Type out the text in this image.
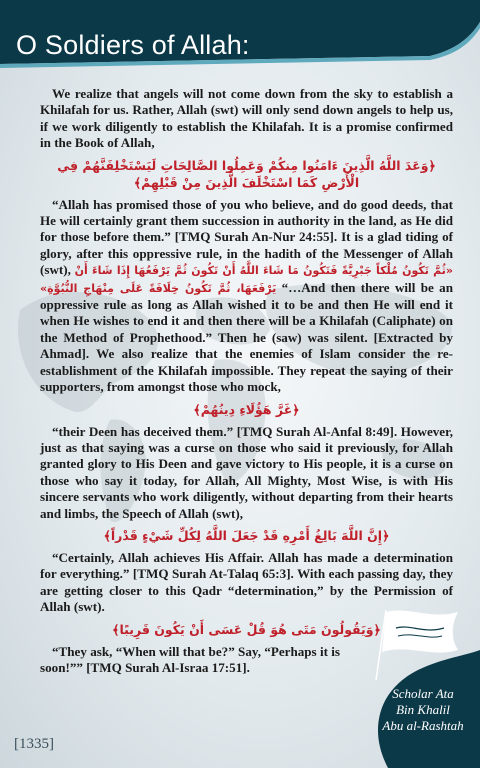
O Soldiers of Allah:

We realize that angels will not come down from the sky to establish a Khilafah for us. Rather, Allah (swt) will only send down angels to help us, if we work diligently to establish the Khilafah. It is a promise confirmed in the Book of Allah,

﴿وَعَدَ اللَّهُ الَّذِينَ ءَامَنُوا مِنكُمْ وَعَمِلُوا الصَّالِحَاتِ لَيَسْتَخْلِفَنَّهُمْ فِي الْأَرْضِ كَمَا اسْتَخْلَفَ الَّذِينَ مِنْ قَبْلِهِمْ﴾

“Allah has promised those of you who believe, and do good deeds, that He will certainly grant them succession in authority in the land, as He did for those before them.” [TMQ Surah An-Nur 24:55]. It is a glad tiding of glory, after this oppressive rule, in the hadith of the Messenger of Allah (swt), «ثُمَّ تَكُونُ مُلْكاً جَبْرِيَّةً فَتَكُونُ مَا شَاءَ اللَّهُ أَنْ تَكُونَ ثُمَّ يَرْفَعُهَا إِذَا شَاءَ أَنْ يَرْفَعَهَا، ثُمَّ تَكُونُ خِلَافَةً عَلَى مِنْهَاجِ النُّبُوَّةِ» “…And then there will be an oppressive rule as long as Allah wished it to be and then He will end it when He wishes to end it and then there will be a Khilafah (Caliphate) on the Method of Prophethood.” Then he (saw) was silent. [Extracted by Ahmad]. We also realize that the enemies of Islam consider the re-establishment of the Khilafah impossible. They repeat the saying of their supporters, from amongst those who mock,

﴿غَرَّ هَؤُلَاءِ دِينُهُمْ﴾

“their Deen has deceived them.” [TMQ Surah Al-Anfal 8:49]. However, just as that saying was a curse on those who said it previously, for Allah granted glory to His Deen and gave victory to His people, it is a curse on those who say it today, for Allah, All Mighty, Most Wise, is with His sincere servants who work diligently, without departing from their hearts and limbs, the Speech of Allah (swt),

﴿إِنَّ اللَّهَ بَالِغُ أَمْرِهِ قَدْ جَعَلَ اللَّهُ لِكُلِّ شَيْءٍ قَدْراً﴾

“Certainly, Allah achieves His Affair. Allah has made a determination for everything.” [TMQ Surah At-Talaq 65:3]. With each passing day, they are getting closer to this Qadr “determination,” by the Permission of Allah (swt).

﴿وَيَقُولُونَ مَتَى هُوَ قُلْ عَسَى أَنْ يَكُونَ قَرِيبًا﴾

“They ask, “When will that be?” Say, “Perhaps it is soon!”” [TMQ Surah Al-Israa 17:51].

Scholar Ata
Bin Khalil
Abu al-Rashtah
[1335]
